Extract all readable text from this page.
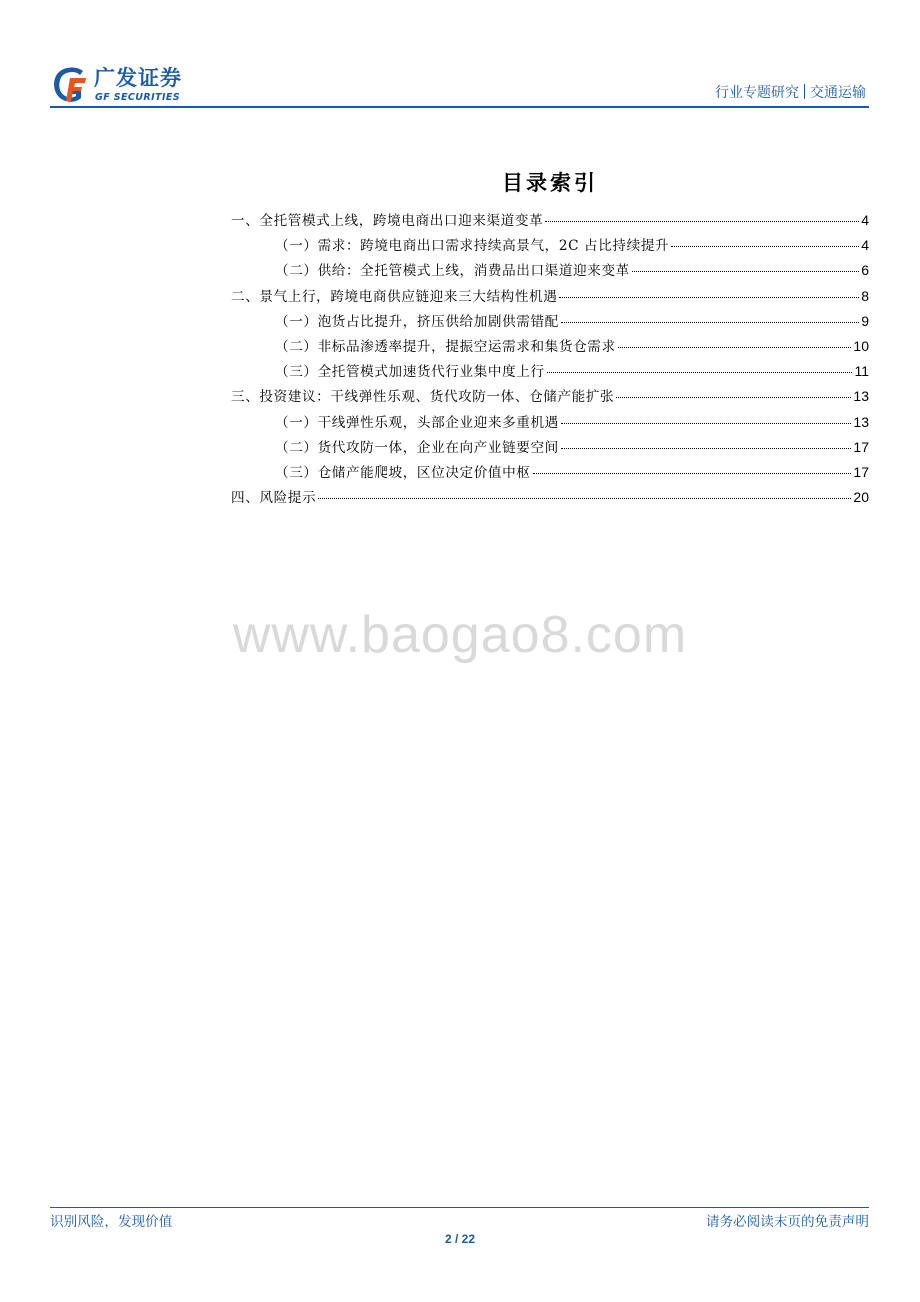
广发证券
GF SECURITIES	行业专题研究 交通运输
目录索引
一、全托管模式上线，跨境电商出口迎来渠道变革	4
（一）需求：跨境电商出口需求持续高景气，2C 占比持续提升	4
（二）供给：全托管模式上线，消费品出口渠道迎来变革	6
二、景气上行，跨境电商供应链迎来三大结构性机遇	8
（一）泡货占比提升，挤压供给加剧供需错配	9
（二）非标品渗透率提升，提振空运需求和集货仓需求	10
（三）全托管模式加速货代行业集中度上行	11
三、投资建议：干线弹性乐观、货代攻防一体、仓储产能扩张	13
（一）干线弹性乐观，头部企业迎来多重机遇	13
（二）货代攻防一体，企业在向产业链要空间	17
（三）仓储产能爬坡，区位决定价值中枢	17
四、风险提示	20
www.baogao8.com
识别风险，发现价值	请务必阅读末页的免责声明
2 / 22
